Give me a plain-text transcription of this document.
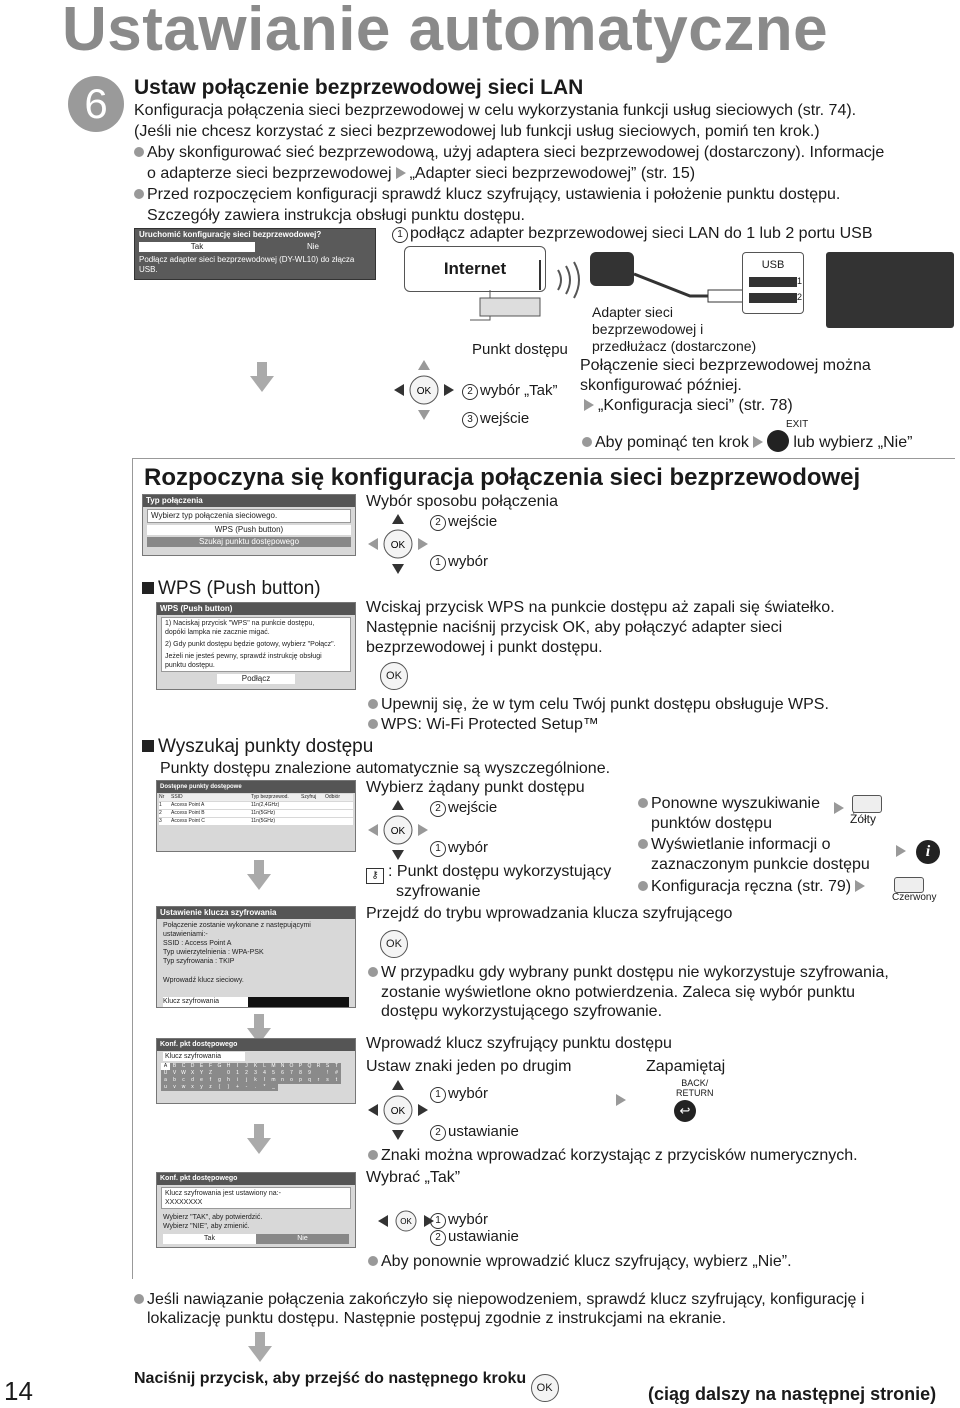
Ustawianie automatyczne
6	Ustaw połączenie bezprzewodowej sieci LAN
Konfiguracja połączenia sieci bezprzewodowej w celu wykorzystania funkcji usług sieciowych (str. 74).
(Jeśli nie chcesz korzystać z sieci bezprzewodowej lub funkcji usług sieciowych, pomiń ten krok.)
Aby skonfigurować sieć bezprzewodową, użyj adaptera sieci bezprzewodowej (dostarczony). Informacje
o adapterze sieci bezprzewodowej „Adapter sieci bezprzewodowej” (str. 15)
Przed rozpoczęciem konfiguracji sprawdź klucz szyfrujący, ustawienia i położenie punktu dostępu.
Szczegóły zawiera instrukcja obsługi punktu dostępu.
Uruchomić konfigurację sieci bezprzewodowej?
Tak	Nie
Podłącz adapter sieci bezprzewodowej (DY-WL10) do złącza USB.
1 podłącz adapter bezprzewodowej sieci LAN do 1 lub 2 portu USB
Internet	USB
1
2
Punkt dostępu
Adapter sieci
bezprzewodowej i
przedłużacz (dostarczone)
OK	2 wybór „Tak”
3 wejście
Połączenie sieci bezprzewodowej można
skonfigurować później.
„Konfiguracja sieci” (str. 78)
EXIT
Aby pominąć ten krok	lub wybierz „Nie”
Rozpoczyna się konfiguracja połączenia sieci bezprzewodowej
Typ połączenia
Wybierz typ połączenia sieciowego.
WPS (Push button)
Szukaj punktu dostępowego
Wybór sposobu połączenia
OK
2 wejście
1 wybór
WPS (Push button)
WPS (Push button)
1) Naciskaj przycisk "WPS" na punkcie dostępu,
dopóki lampka nie zacznie migać.
2) Gdy punkt dostępu będzie gotowy, wybierz "Połącz".
Jeżeli nie jesteś pewny, sprawdź instrukcję obsługi
punktu dostępu.
Podłącz
Wciskaj przycisk WPS na punkcie dostępu aż zapali się światełko.
Następnie naciśnij przycisk OK, aby połączyć adapter sieci
bezprzewodowej i punkt dostępu.
OK
Upewnij się, że w tym celu Twój punkt dostępu obsługuje WPS.
WPS: Wi-Fi Protected Setup™
Wyszukaj punkty dostępu
Punkty dostępu znalezione automatycznie są wyszczególnione.
Dostępne punkty dostępowe
Nr	SSID	Typ bezprzewod.	Szyfruj	Odbiór
1	Access Point A	11n(2,4GHz)
2	Access Point B	11n(5GHz)
3	Access Point C	11n(5GHz)
Wybierz żądany punkt dostępu
OK
2 wejście
1 wybór
⚷ : Punkt dostępu wykorzystujący
szyfrowanie
Ponowne wyszukiwanie
punktów dostępu	Żółty
Wyświetlanie informacji o
zaznaczonym punkcie dostępu
i
Konfiguracja ręczna (str. 79)
Czerwony
Przejdź do trybu wprowadzania klucza szyfrującego
OK
W przypadku gdy wybrany punkt dostępu nie wykorzystuje szyfrowania,
zostanie wyświetlone okno potwierdzenia. Zaleca się wybór punktu
dostępu wykorzystującego szyfrowanie.
Ustawienie klucza szyfrowania
Połączenie zostanie wykonane z następującymi ustawieniami:-
SSID : Access Point A
Typ uwierzytelnienia : WPA-PSK
Typ szyfrowania : TKIP
Wprowadź klucz sieciowy.
Klucz szyfrowania
Konf. pkt dostępowego
Klucz szyfrowania
A	B	C	D	E	F	G	H	I	J	K	L	M	N	O	P	Q	R	S	T
U	V W X	Y	Z	0	1	2	3	4	5	6	7	8	9	!	#
a	b	c	d	e	f	g	h	i	j	k	l	m	n	o	p	q	r	s	t
u	v	w	x	y	z	(	)	+	-	.	*	_
Wprowadź klucz szyfrujący punktu dostępu
Ustaw znaki jeden po drugim	Zapamiętaj
OK
1 wybór
2 ustawianie
BACK/
RETURN
↩
Znaki można wprowadzać korzystając z przycisków numerycznych.
Konf. pkt dostępowego
Klucz szyfrowania jest ustawiony na:-
XXXXXXXX
Wybierz "TAK", aby potwierdzić.
Wybierz "NIE", aby zmienić.
Tak	Nie
Wybrać „Tak”
OK	1 wybór
2 ustawianie
Aby ponownie wprowadzić klucz szyfrujący, wybierz „Nie”.
Jeśli nawiązanie połączenia zakończyło się niepowodzeniem, sprawdź klucz szyfrujący, konfigurację i
lokalizację punktu dostępu. Następnie postępuj zgodnie z instrukcjami na ekranie.
Naciśnij przycisk, aby przejść do następnego kroku OK	(ciąg dalszy na następnej stronie)
14
